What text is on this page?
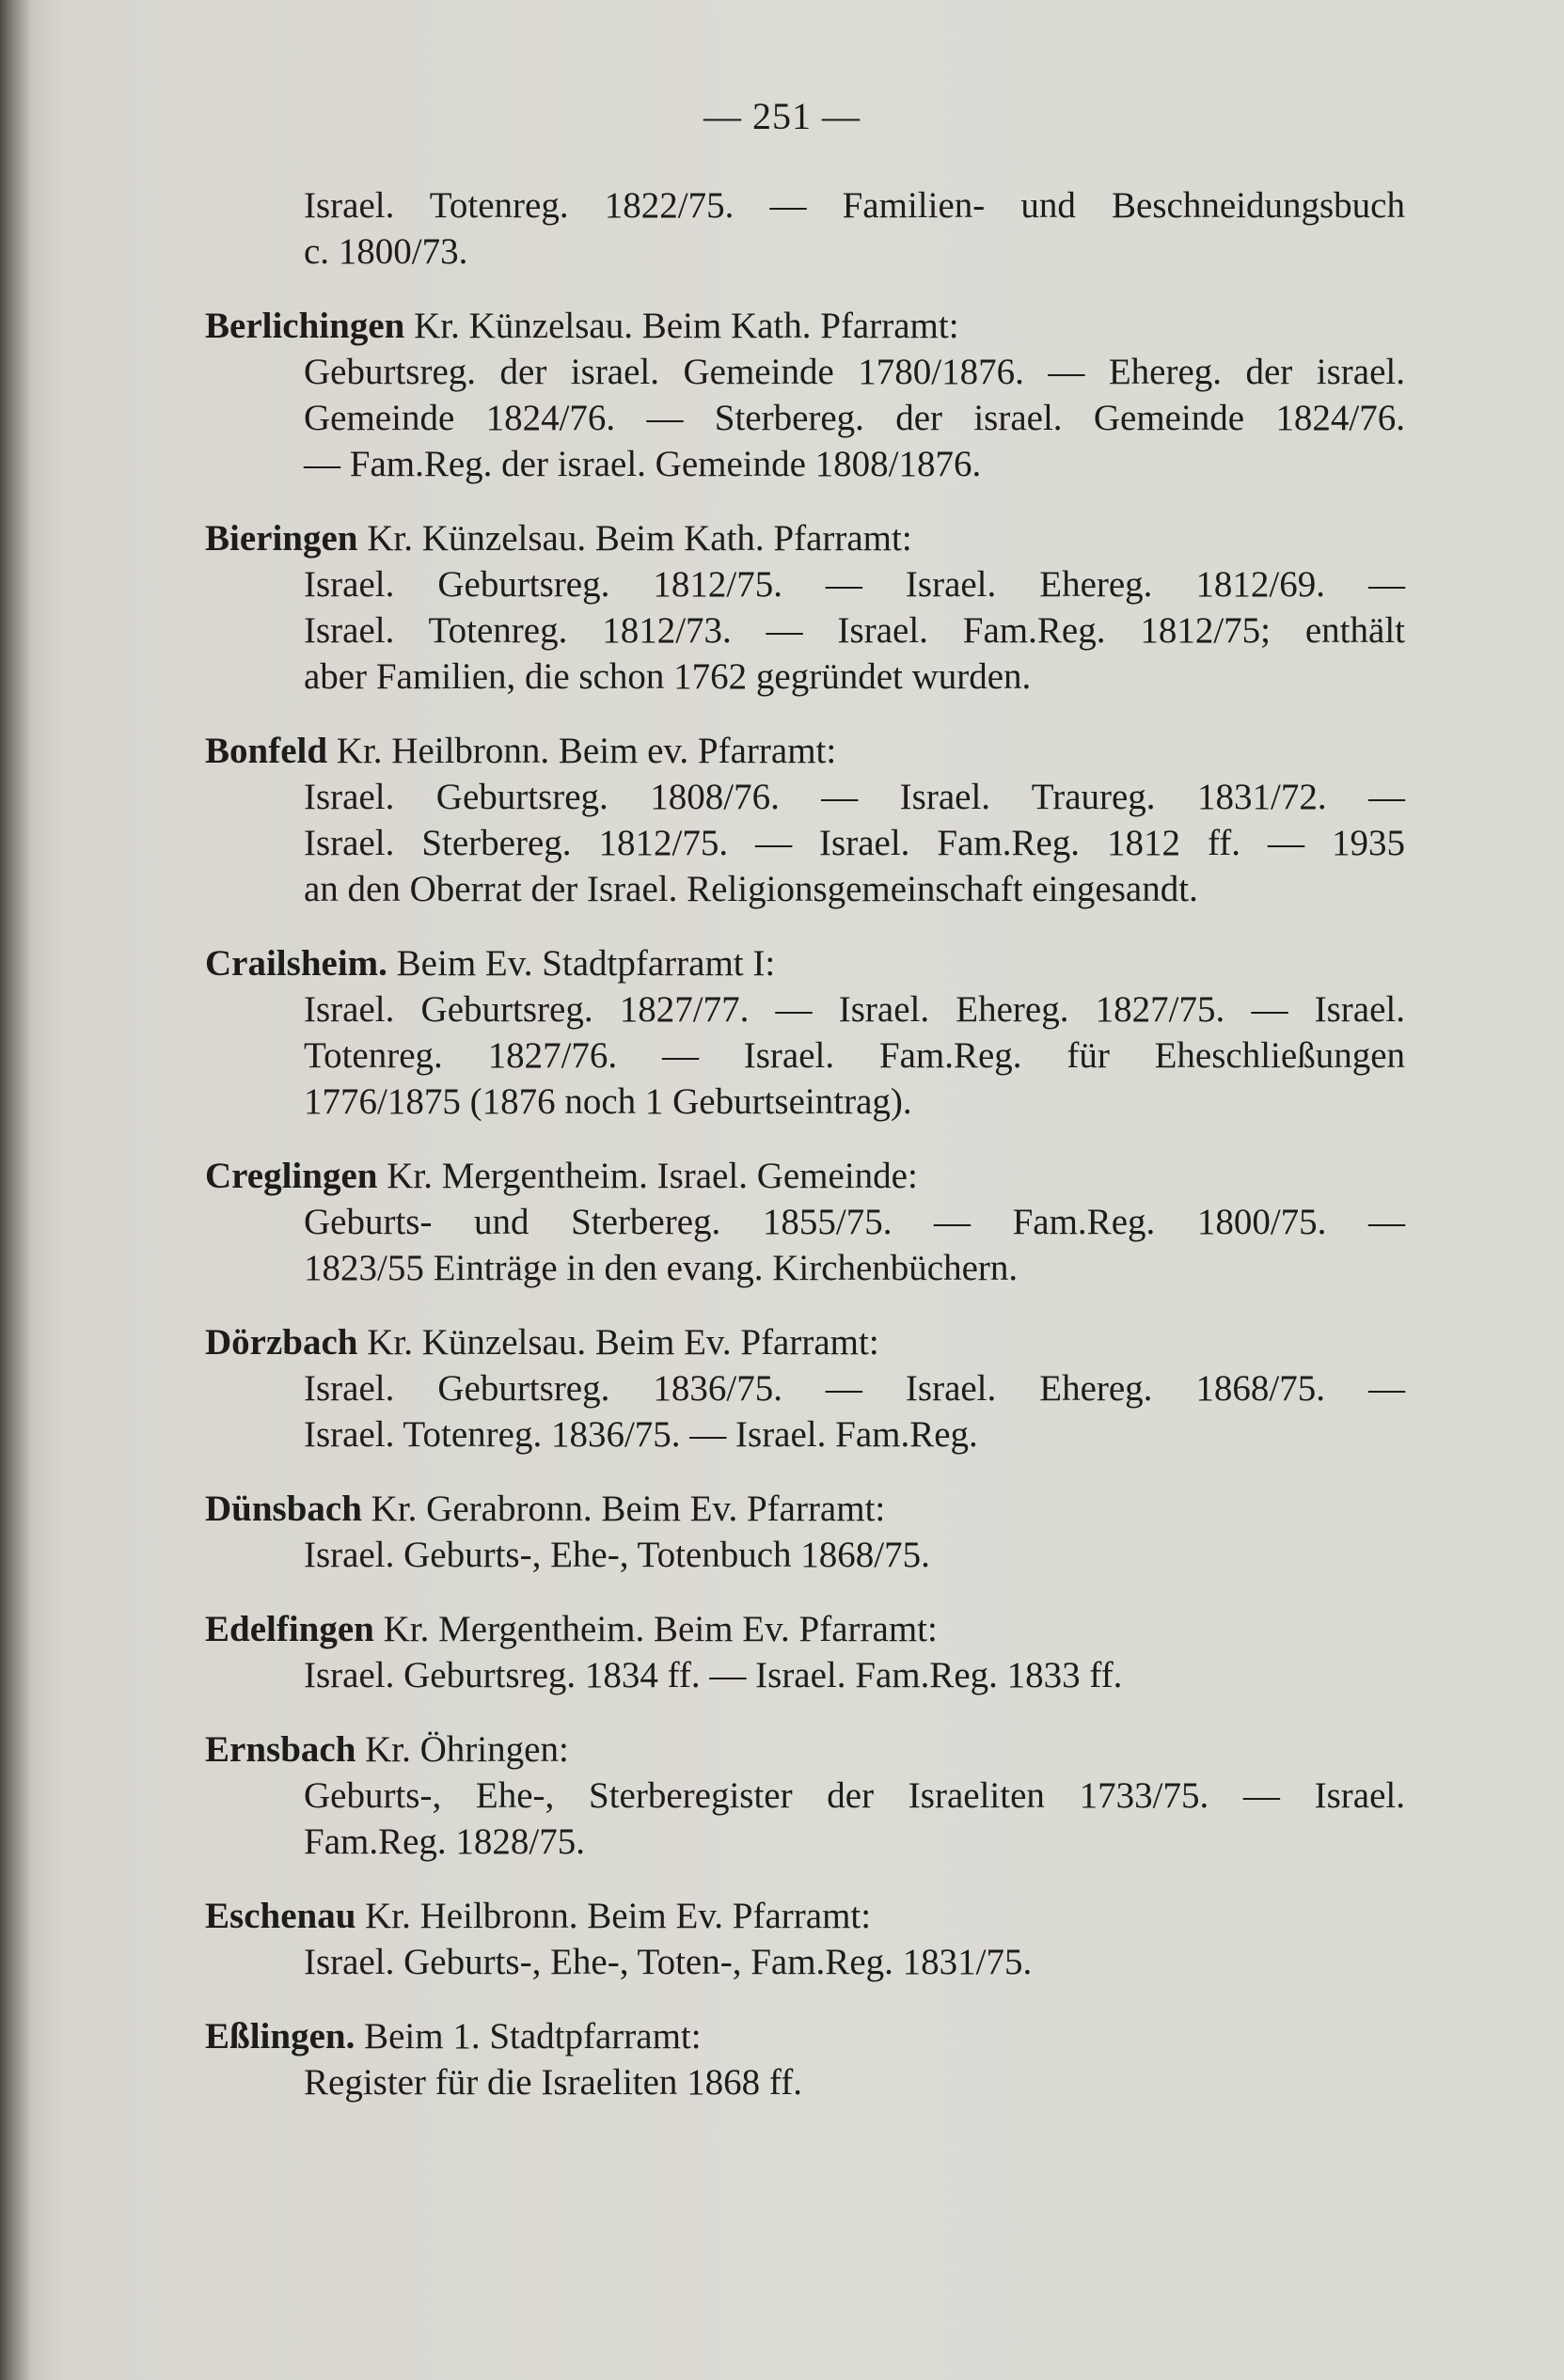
— 251 —
Israel. Totenreg. 1822/75. — Familien- und Beschneidungsbuch
c. 1800/73.
Berlichingen Kr. Künzelsau. Beim Kath. Pfarramt:
Geburtsreg. der israel. Gemeinde 1780/1876. — Ehereg. der israel.
Gemeinde 1824/76. — Sterbereg. der israel. Gemeinde 1824/76.
— Fam.Reg. der israel. Gemeinde 1808/1876.
Bieringen Kr. Künzelsau. Beim Kath. Pfarramt:
Israel. Geburtsreg. 1812/75. — Israel. Ehereg. 1812/69. —
Israel. Totenreg. 1812/73. — Israel. Fam.Reg. 1812/75; enthält
aber Familien, die schon 1762 gegründet wurden.
Bonfeld Kr. Heilbronn. Beim ev. Pfarramt:
Israel. Geburtsreg. 1808/76. — Israel. Traureg. 1831/72. —
Israel. Sterbereg. 1812/75. — Israel. Fam.Reg. 1812 ff. — 1935
an den Oberrat der Israel. Religionsgemeinschaft eingesandt.
Crailsheim. Beim Ev. Stadtpfarramt I:
Israel. Geburtsreg. 1827/77. — Israel. Ehereg. 1827/75. — Israel.
Totenreg. 1827/76. — Israel. Fam.Reg. für Eheschließungen
1776/1875 (1876 noch 1 Geburtseintrag).
Creglingen Kr. Mergentheim. Israel. Gemeinde:
Geburts- und Sterbereg. 1855/75. — Fam.Reg. 1800/75. —
1823/55 Einträge in den evang. Kirchenbüchern.
Dörzbach Kr. Künzelsau. Beim Ev. Pfarramt:
Israel. Geburtsreg. 1836/75. — Israel. Ehereg. 1868/75. —
Israel. Totenreg. 1836/75. — Israel. Fam.Reg.
Dünsbach Kr. Gerabronn. Beim Ev. Pfarramt:
Israel. Geburts-, Ehe-, Totenbuch 1868/75.
Edelfingen Kr. Mergentheim. Beim Ev. Pfarramt:
Israel. Geburtsreg. 1834 ff. — Israel. Fam.Reg. 1833 ff.
Ernsbach Kr. Öhringen:
Geburts-, Ehe-, Sterberegister der Israeliten 1733/75. — Israel.
Fam.Reg. 1828/75.
Eschenau Kr. Heilbronn. Beim Ev. Pfarramt:
Israel. Geburts-, Ehe-, Toten-, Fam.Reg. 1831/75.
Eßlingen. Beim 1. Stadtpfarramt:
Register für die Israeliten 1868 ff.
